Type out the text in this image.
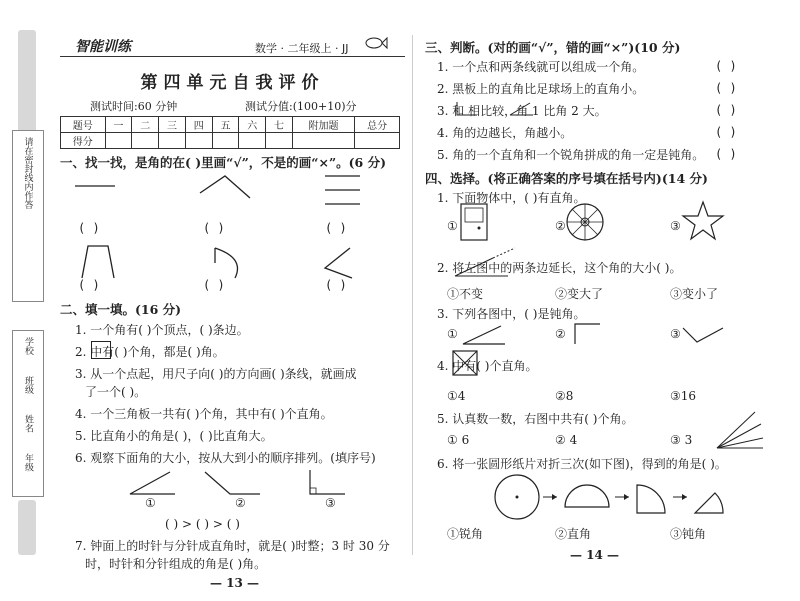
请在密封线内作答
学校　　 班级　　 姓名　　 年级
智能训练
第四单元自我评价
测试时间:60 分钟	测试分值:(100+10)分
题号	一	二	三	四	五	六	七	附加题	总分
得分									
一、找一找，是角的在( )里画“√”，不是的画“×”。(6 分)
( )	( )	( )
( )	( )	( )
二、填一填。(16 分)
1. 一个角有( )个顶点，( )条边。
2. 中有( )个角，都是( )角。
3. 从一个点起，用尺子向( )的方向画( )条线，就画成
了一个( )。
4. 一个三角板一共有( )个角，其中有( )个直角。
5. 比直角小的角是( )，( )比直角大。
6. 观察下面角的大小，按从大到小的顺序排列。(填序号)
①	②	③
( ) > ( ) > ( )
7. 钟面上的时针与分针成直角时，就是( )时整；3 时 30 分
时，时针和分针组成的角是( )角。
— 13 —
数学 · 二年级上 · JJ	三、判断。(对的画“√”，错的画“×”)(10 分)
1. 一个点和两条线就可以组成一个角。	( )
2. 黑板上的直角比足球场上的直角小。	( )
3. 和 相比较，角 1 比角 2 大。	( )
4. 角的边越长，角越小。	( )
5. 角的一个直角和一个锐角拼成的角一定是钝角。 ( )
四、选择。(将正确答案的序号填在括号内)(14 分)
1. 下面物体中，( )有直角。
①	②	③
2. 将左图中的两条边延长，这个角的大小( )。
①不变	②变大了	③变小了
3. 下列各图中，( )是钝角。
①	②	③
4. 中有( )个直角。
①4	②8	③16
5. 认真数一数，右图中共有( )个角。
① 6	② 4	③ 3
6. 将一张圆形纸片对折三次(如下图)，得到的角是( )。
①锐角	②直角	③钝角
— 14 —
